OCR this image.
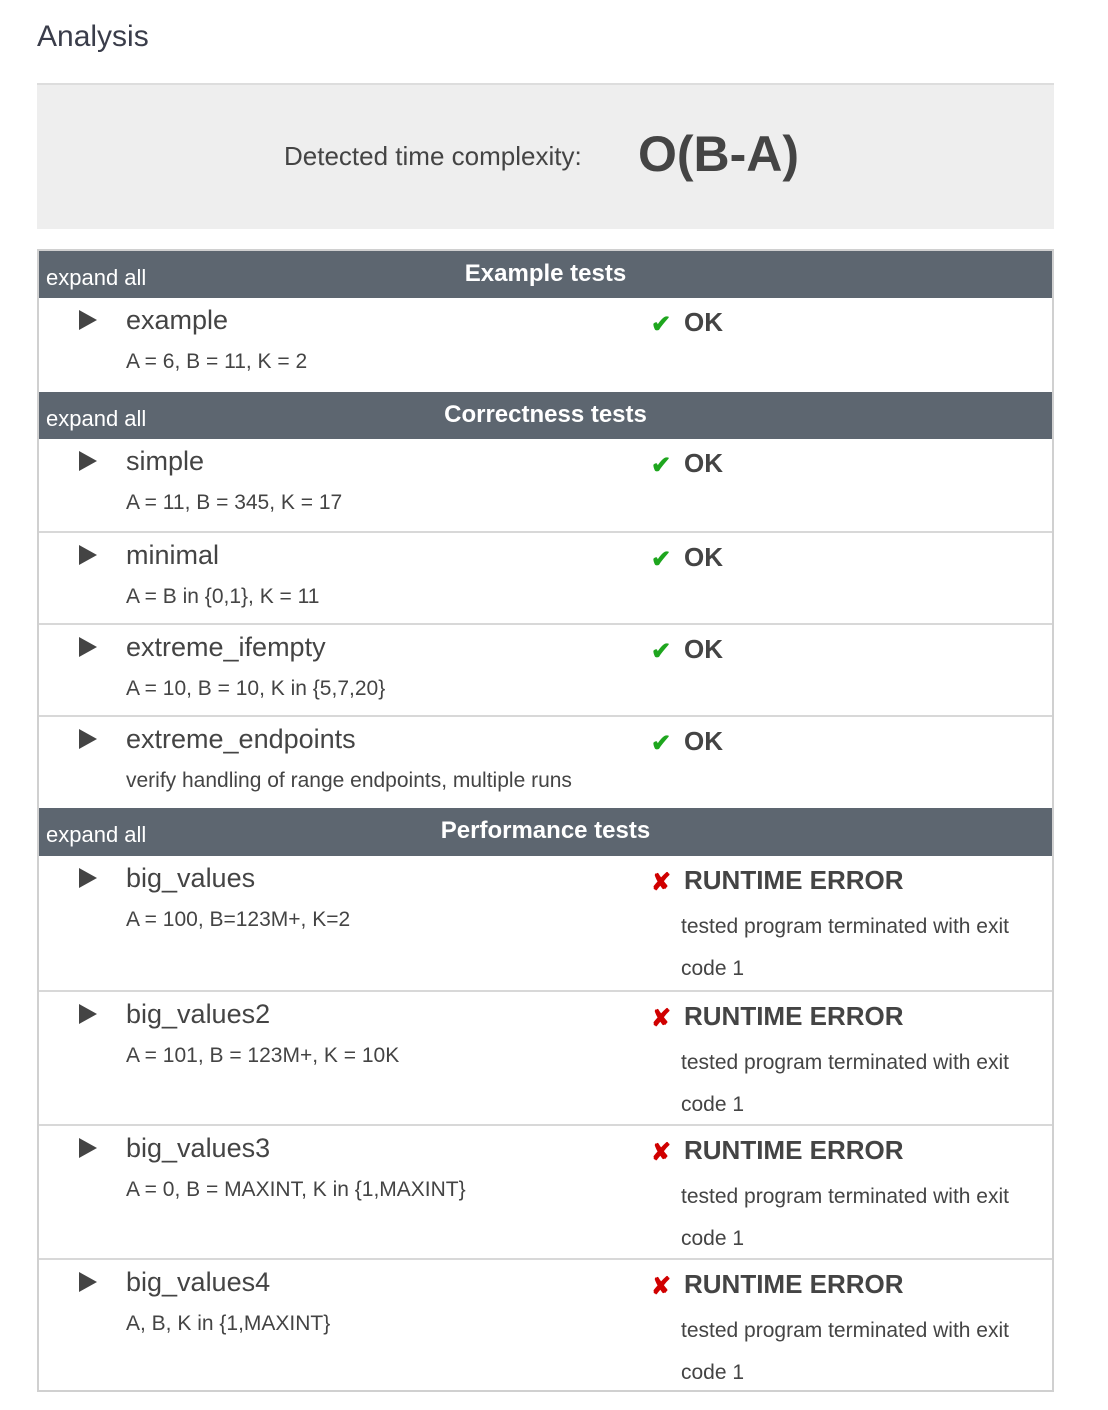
Analysis
Detected time complexity: O(B-A)
expand all	Example tests
example
A = 6, B = 11, K = 2
✔ OK
expand all	Correctness tests
simple
A = 11, B = 345, K = 17
✔ OK
minimal
A = B in {0,1}, K = 11
✔ OK
extreme_ifempty
A = 10, B = 10, K in {5,7,20}
✔ OK
extreme_endpoints
verify handling of range endpoints, multiple runs
✔ OK
expand all	Performance tests
big_values
A = 100, B=123M+, K=2
✘ RUNTIME ERROR
tested program terminated with exit code 1
big_values2
A = 101, B = 123M+, K = 10K
✘ RUNTIME ERROR
tested program terminated with exit code 1
big_values3
A = 0, B = MAXINT, K in {1,MAXINT}
✘ RUNTIME ERROR
tested program terminated with exit code 1
big_values4
A, B, K in {1,MAXINT}
✘ RUNTIME ERROR
tested program terminated with exit code 1
